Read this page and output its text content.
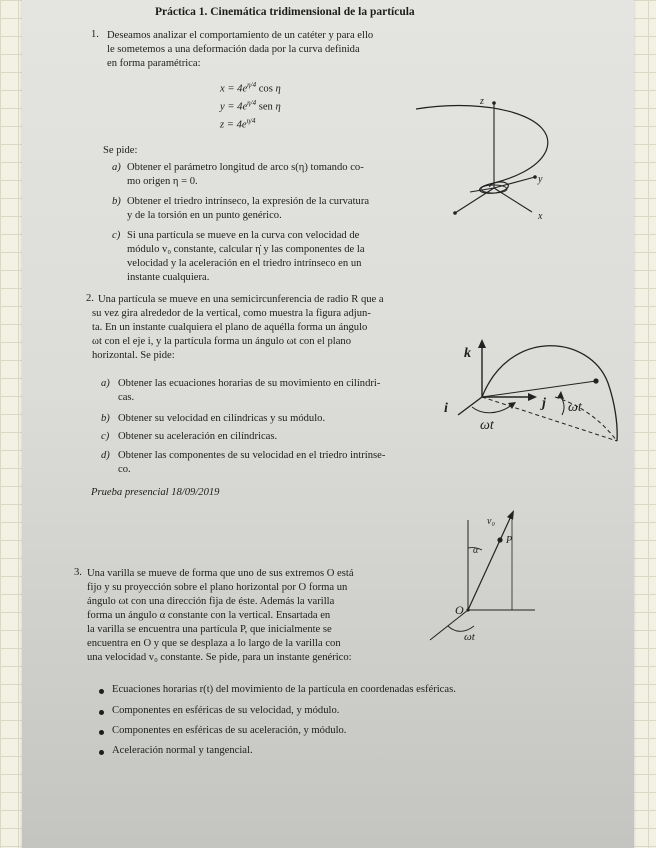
Práctica 1. Cinemática tridimensional de la partícula
1. Deseamos analizar el comportamiento de un catéter y para ello
le sometemos a una deformación dada por la curva definida
en forma paramétrica:
$x = 4e^{\eta/4}$ cos η
$y = 4e^{\eta/4}$ sen η
$z = 4e^{\eta/4}$
Se pide:
a) Obtener el parámetro longitud de arco s(η) tomando co-
mo origen η = 0.
b) Obtener el triedro intrínseco, la expresión de la curvatura
y de la torsión en un punto genérico.
c) Si una partícula se mueve en la curva con velocidad de
módulo v₀ constante, calcular η̇ y las componentes de la
velocidad y la aceleración en el triedro intrínseco en un
instante cualquiera.
z
y
x
2. Una partícula se mueve en una semicircunferencia de radio R que a
su vez gira alrededor de la vertical, como muestra la figura adjun-
ta. En un instante cualquiera el plano de aquélla forma un ángulo
ωt con el eje i, y la partícula forma un ángulo ωt con el plano
horizontal. Se pide:
a) Obtener las ecuaciones horarias de su movimiento en cilíndri-
cas.
b) Obtener su velocidad en cilíndricas y su módulo.
c) Obtener su aceleración en cilíndricas.
d) Obtener las componentes de su velocidad en el triedro intrínse-
co.
Prueba presencial 18/09/2019
k
i	j
ωt
ωt
v₀
P
α
O
ωt
3. Una varilla se mueve de forma que uno de sus extremos O está
fijo y su proyección sobre el plano horizontal por O forma un
ángulo ωt con una dirección fija de éste. Además la varilla
forma un ángulo α constante con la vertical. Ensartada en
la varilla se encuentra una partícula P, que inicialmente se
encuentra en O y que se desplaza a lo largo de la varilla con
una velocidad v₀ constante. Se pide, para un instante genérico:
Ecuaciones horarias r(t) del movimiento de la partícula en coordenadas esféricas.
Componentes en esféricas de su velocidad, y módulo.
Componentes en esféricas de su aceleración, y módulo.
Aceleración normal y tangencial.
